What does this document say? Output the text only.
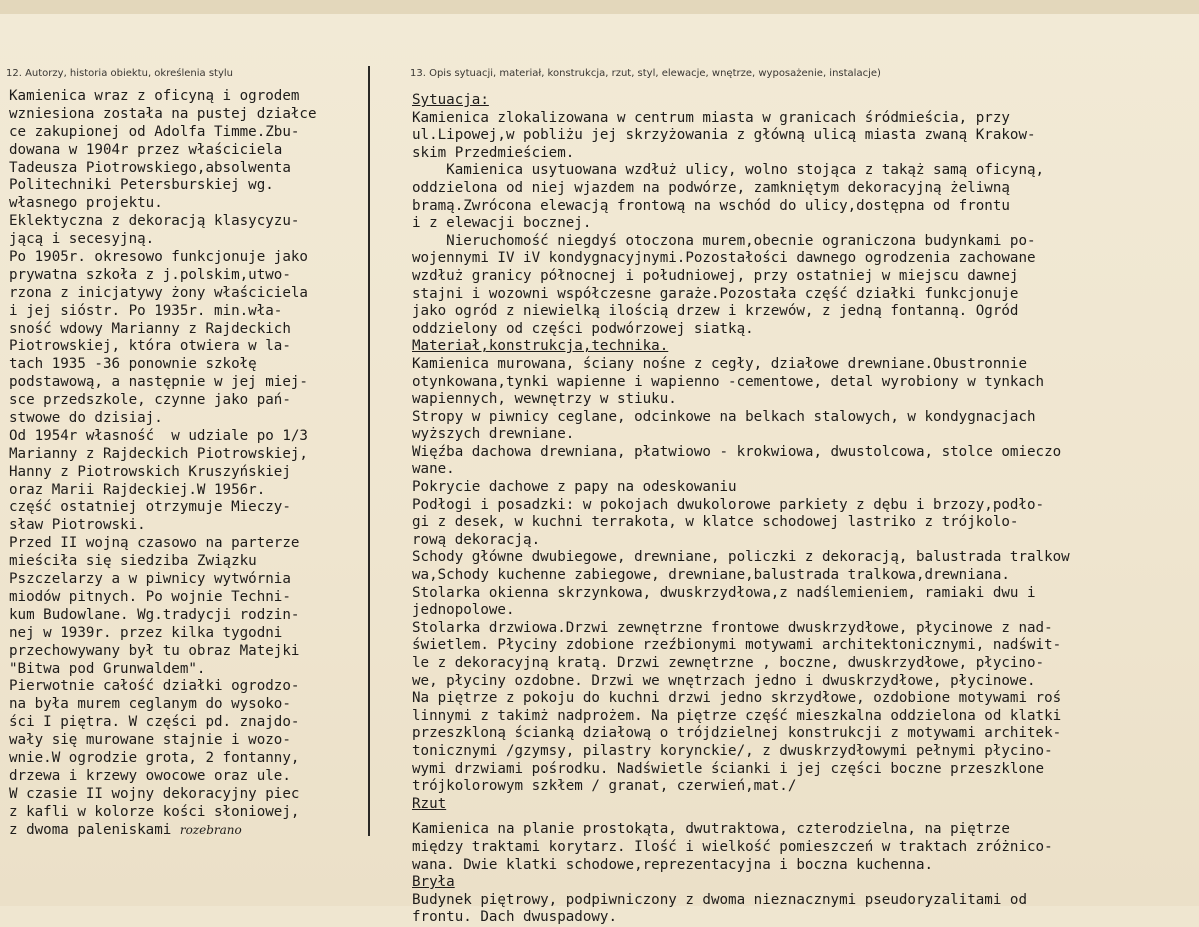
12. Autorzy, historia obiektu, określenia stylu	13. Opis sytuacji, materiał, konstrukcja, rzut, styl, elewacje, wnętrze, wyposażenie, instalacje)
Kamienica wraz z oficyną i ogrodem
wzniesiona została na pustej działce
ce zakupionej od Adolfa Timme.Zbu-
dowana w 1904r przez właściciela
Tadeusza Piotrowskiego,absolwenta
Politechniki Petersburskiej wg.
własnego projektu.
Eklektyczna z dekoracją klasycyzu-
jącą i secesyjną.
Po 1905r. okresowo funkcjonuje jako
prywatna szkoła z j.polskim,utwo-
rzona z inicjatywy żony właściciela
i jej sióstr. Po 1935r. min.wła-
sność wdowy Marianny z Rajdeckich
Piotrowskiej, która otwiera w la-
tach 1935 -36 ponownie szkołę
podstawową, a następnie w jej miej-
sce przedszkole, czynne jako pań-
stwowe do dzisiaj.
Od 1954r własność  w udziale po 1/3
Marianny z Rajdeckich Piotrowskiej,
Hanny z Piotrowskich Kruszyńskiej
oraz Marii Rajdeckiej.W 1956r.
część ostatniej otrzymuje Mieczy-
sław Piotrowski.
Przed II wojną czasowo na parterze
mieściła się siedziba Związku
Pszczelarzy a w piwnicy wytwórnia
miodów pitnych. Po wojnie Techni-
kum Budowlane. Wg.tradycji rodzin-
nej w 1939r. przez kilka tygodni
przechowywany był tu obraz Matejki
"Bitwa pod Grunwaldem".
Pierwotnie całość działki ogrodzo-
na była murem ceglanym do wysoko-
ści I piętra. W części pd. znajdo-
wały się murowane stajnie i wozo-
wnie.W ogrodzie grota, 2 fontanny,
drzewa i krzewy owocowe oraz ule.
W czasie II wojny dekoracyjny piec
z kafli w kolorze kości słoniowej,
z dwoma paleniskami rozebrano
Sytuacja:
Kamienica zlokalizowana w centrum miasta w granicach śródmieścia, przy
ul.Lipowej,w pobliżu jej skrzyżowania z główną ulicą miasta zwaną Krakow-
skim Przedmieściem.
Kamienica usytuowana wzdłuż ulicy, wolno stojąca z takąż samą oficyną,
oddzielona od niej wjazdem na podwórze, zamkniętym dekoracyjną żeliwną
bramą.Zwrócona elewacją frontową na wschód do ulicy,dostępna od frontu
i z elewacji bocznej.
Nieruchomość niegdyś otoczona murem,obecnie ograniczona budynkami po-
wojennymi IV iV kondygnacyjnymi.Pozostałości dawnego ogrodzenia zachowane
wzdłuż granicy północnej i południowej, przy ostatniej w miejscu dawnej
stajni i wozowni współczesne garaże.Pozostała część działki funkcjonuje
jako ogród z niewielką ilością drzew i krzewów, z jedną fontanną. Ogród
oddzielony od części podwórzowej siatką.
Materiał,konstrukcja,technika.
Kamienica murowana, ściany nośne z cegły, działowe drewniane.Obustronnie
otynkowana,tynki wapienne i wapienno -cementowe, detal wyrobiony w tynkach
wapiennych, wewnętrzy w stiuku.
Stropy w piwnicy ceglane, odcinkowe na belkach stalowych, w kondygnacjach
wyższych drewniane.
Więźba dachowa drewniana, płatwiowo - krokwiowa, dwustolcowa, stolce omieczo
wane.
Pokrycie dachowe z papy na odeskowaniu
Podłogi i posadzki: w pokojach dwukolorowe parkiety z dębu i brzozy,podło-
gi z desek, w kuchni terrakota, w klatce schodowej lastriko z trójkolo-
rową dekoracją.
Schody główne dwubiegowe, drewniane, policzki z dekoracją, balustrada tralkow
wa,Schody kuchenne zabiegowe, drewniane,balustrada tralkowa,drewniana.
Stolarka okienna skrzynkowa, dwuskrzydłowa,z nadślemieniem, ramiaki dwu i
jednopolowe.
Stolarka drzwiowa.Drzwi zewnętrzne frontowe dwuskrzydłowe, płycinowe z nad-
świetlem. Płyciny zdobione rzeźbionymi motywami architektonicznymi, nadświt-
le z dekoracyjną kratą. Drzwi zewnętrzne , boczne, dwuskrzydłowe, płycino-
we, płyciny ozdobne. Drzwi we wnętrzach jedno i dwuskrzydłowe, płycinowe.
Na piętrze z pokoju do kuchni drzwi jedno skrzydłowe, ozdobione motywami roś
linnymi z takimż nadprożem. Na piętrze część mieszkalna oddzielona od klatki
przeszkloną ścianką działową o trójdzielnej konstrukcji z motywami architek-
tonicznymi /gzymsy, pilastry korynckie/, z dwuskrzydłowymi pełnymi płycino-
wymi drzwiami pośrodku. Nadświetle ścianki i jej części boczne przeszklone
trójkolorowym szkłem / granat, czerwień,mat./
Rzut
Kamienica na planie prostokąta, dwutraktowa, czterodzielna, na piętrze
między traktami korytarz. Ilość i wielkość pomieszczeń w traktach zróżnico-
wana. Dwie klatki schodowe,reprezentacyjna i boczna kuchenna.
Bryła
Budynek piętrowy, podpiwniczony z dwoma nieznacznymi pseudoryzalitami od
frontu. Dach dwuspadowy.
